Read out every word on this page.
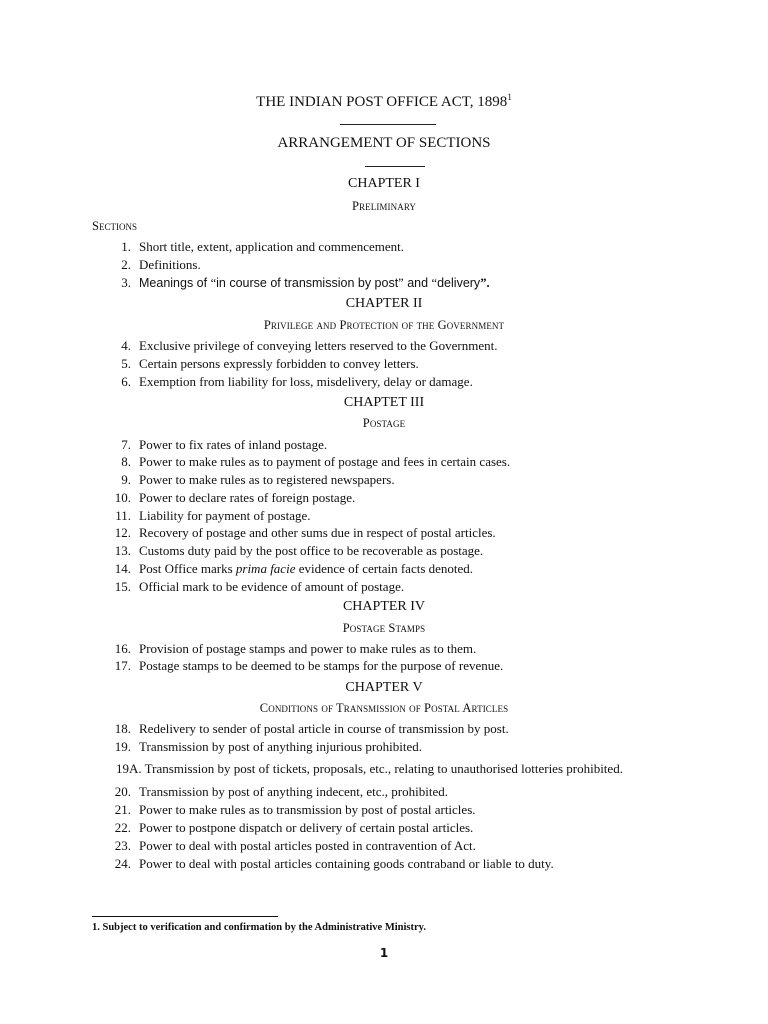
THE INDIAN POST OFFICE ACT, 1898$^1$
ARRANGEMENT OF SECTIONS
CHAPTER I
Preliminary
Sections
1. Short title, extent, application and commencement.
2. Definitions.
3. Meanings of “in course of transmission by post” and “delivery”.
CHAPTER II
Privilege and Protection of the Government
4. Exclusive privilege of conveying letters reserved to the Government.
5. Certain persons expressly forbidden to convey letters.
6. Exemption from liability for loss, misdelivery, delay or damage.
CHAPTET III
Postage
7. Power to fix rates of inland postage.
8. Power to make rules as to payment of postage and fees in certain cases.
9. Power to make rules as to registered newspapers.
10. Power to declare rates of foreign postage.
11. Liability for payment of postage.
12. Recovery of postage and other sums due in respect of postal articles.
13. Customs duty paid by the post office to be recoverable as postage.
14. Post Office marks prima facie evidence of certain facts denoted.
15. Official mark to be evidence of amount of postage.
CHAPTER IV
Postage Stamps
16. Provision of postage stamps and power to make rules as to them.
17. Postage stamps to be deemed to be stamps for the purpose of revenue.
CHAPTER V
Conditions of Transmission of Postal Articles
18. Redelivery to sender of postal article in course of transmission by post.
19. Transmission by post of anything injurious prohibited.
19A. Transmission by post of tickets, proposals, etc., relating to unauthorised lotteries prohibited.
20. Transmission by post of anything indecent, etc., prohibited.
21. Power to make rules as to transmission by post of postal articles.
22. Power to postpone dispatch or delivery of certain postal articles.
23. Power to deal with postal articles posted in contravention of Act.
24. Power to deal with postal articles containing goods contraband or liable to duty.
1. Subject to verification and confirmation by the Administrative Ministry.
1
